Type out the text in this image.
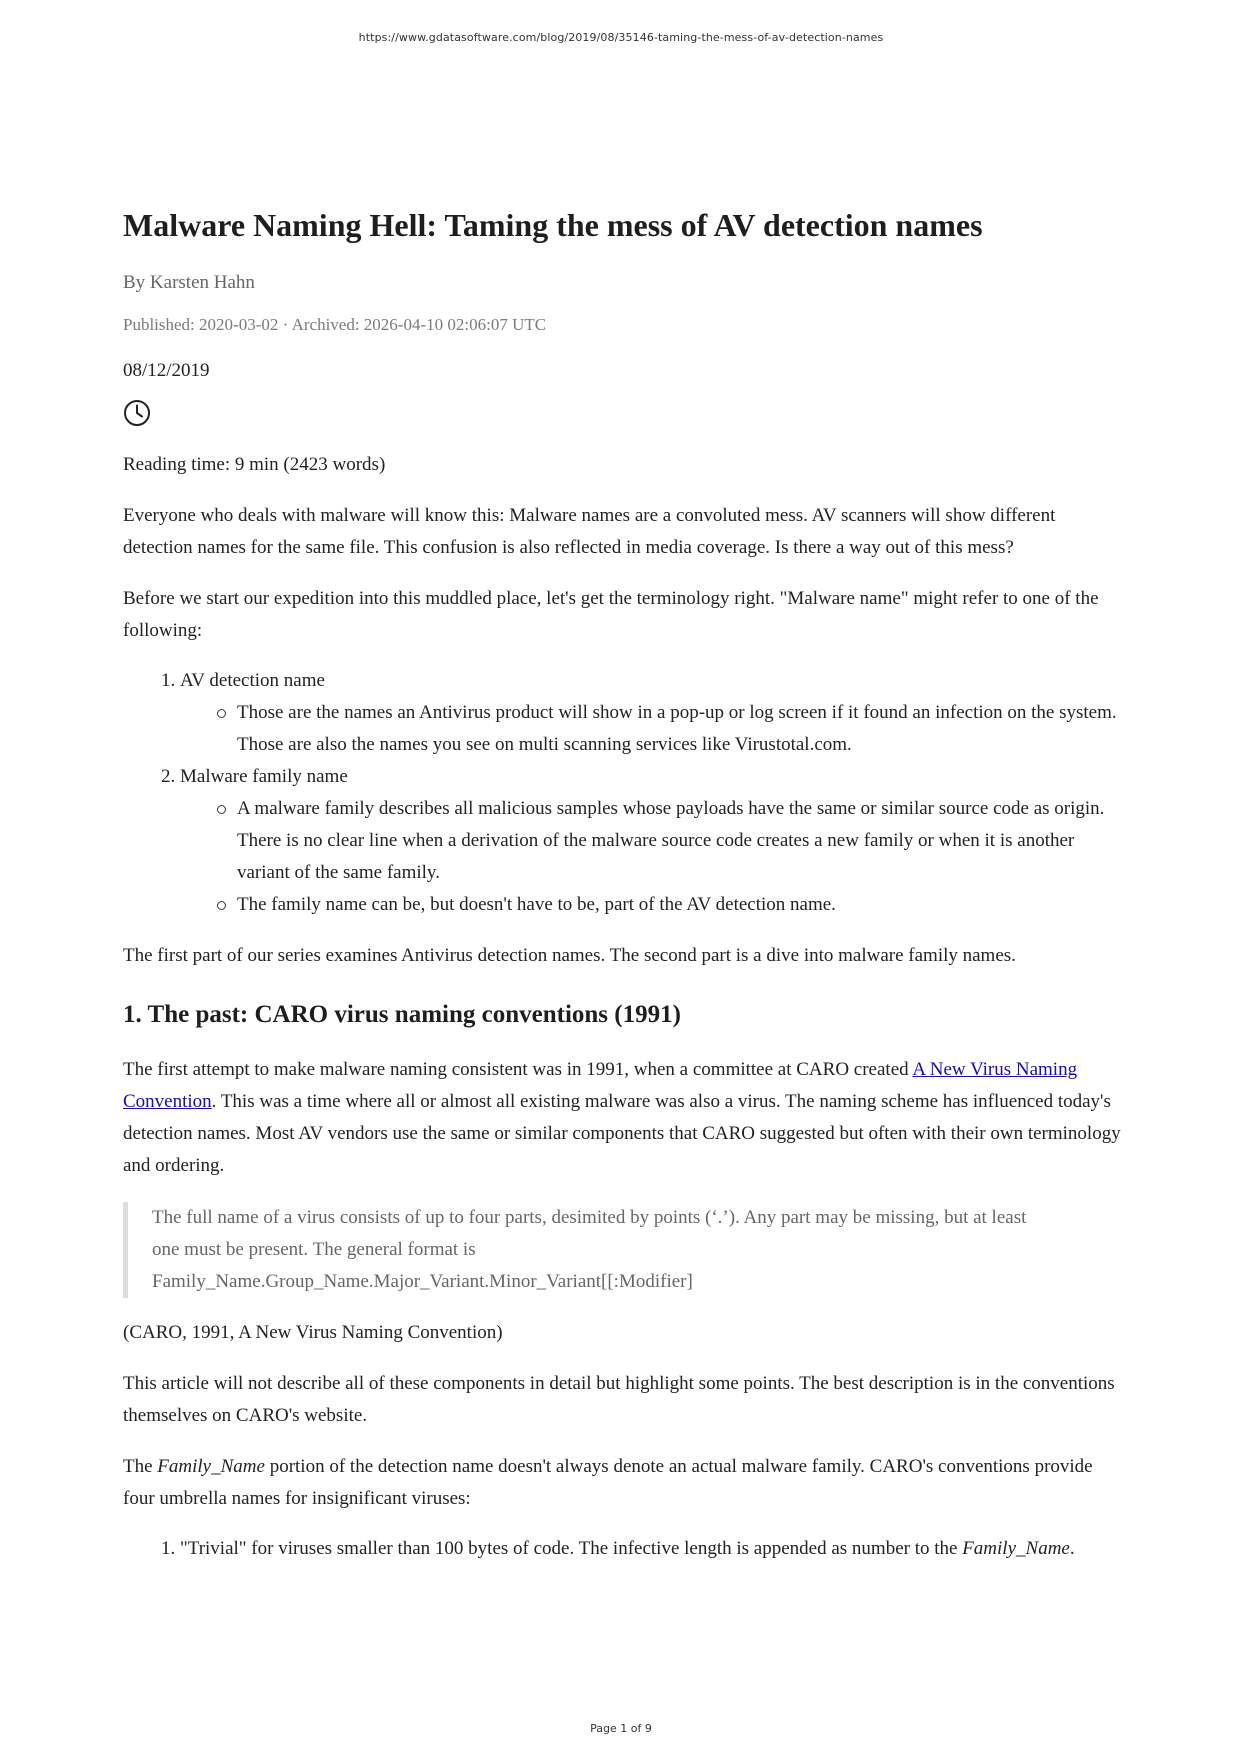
https://www.gdatasoftware.com/blog/2019/08/35146-taming-the-mess-of-av-detection-names
Malware Naming Hell: Taming the mess of AV detection names
By Karsten Hahn
Published: 2020-03-02 · Archived: 2026-04-10 02:06:07 UTC
08/12/2019
Reading time: 9 min (2423 words)

Everyone who deals with malware will know this: Malware names are a convoluted mess. AV scanners will show different detection names for the same file. This confusion is also reflected in media coverage. Is there a way out of this mess?

Before we start our expedition into this muddled place, let's get the terminology right. "Malware name" might refer to one of the following:

1. AV detection name
Those are the names an Antivirus product will show in a pop-up or log screen if it found an infection on the system. Those are also the names you see on multi scanning services like Virustotal.com.
2. Malware family name
A malware family describes all malicious samples whose payloads have the same or similar source code as origin. There is no clear line when a derivation of the malware source code creates a new family or when it is another variant of the same family.
The family name can be, but doesn't have to be, part of the AV detection name.

The first part of our series examines Antivirus detection names. The second part is a dive into malware family names.

1. The past: CARO virus naming conventions (1991)

The first attempt to make malware naming consistent was in 1991, when a committee at CARO created A New Virus Naming Convention. This was a time where all or almost all existing malware was also a virus. The naming scheme has influenced today's detection names. Most AV vendors use the same or similar components that CARO suggested but often with their own terminology and ordering.

The full name of a virus consists of up to four parts, desimited by points (‘.’). Any part may be missing, but at least one must be present. The general format is

Family_Name.Group_Name.Major_Variant.Minor_Variant[[:Modifier]

(CARO, 1991, A New Virus Naming Convention)

This article will not describe all of these components in detail but highlight some points. The best description is in the conventions themselves on CARO's website.

The Family_Name portion of the detection name doesn't always denote an actual malware family. CARO's conventions provide four umbrella names for insignificant viruses:

1. "Trivial" for viruses smaller than 100 bytes of code. The infective length is appended as number to the Family_Name.
Page 1 of 9
